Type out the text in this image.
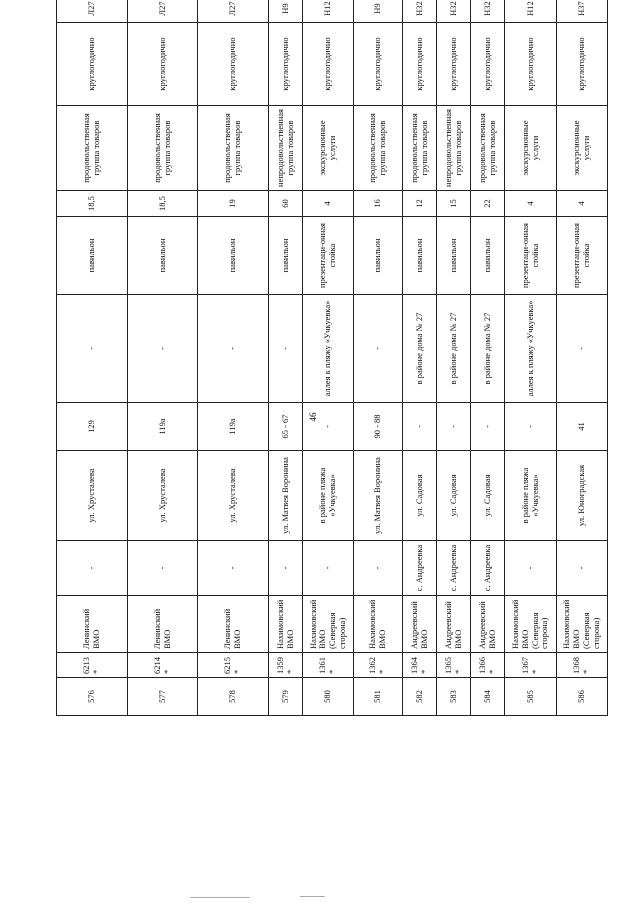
46
576	6213*	Ленинский ВМО	-	ул. Хрусталева	129	-	павильон	18,5	продовольственная группа товаров	круглогодично	Л27	
577	6214*	Ленинский ВМО	-	ул. Хрусталева	119а	-	павильон	18,5	продовольственная группа товаров	круглогодично	Л27	
578	6215*	Ленинский ВМО	-	ул. Хрусталева	119а	-	павильон	19	продовольственная группа товаров	круглогодично	Л27	
579	1359*	Нахимовский ВМО	-	ул. Матвея Воронина	65 - 67	-	павильон	60	непродовольственная группа товаров	круглогодично	Н9	
580	1361*	Нахимовский ВМО (Северная сторона)	-	в районе пляжа «Учкуевка»	-	аллея к пляжу «Учкуевка»	презентаци-онная стойка	4	экскурсионные услуги	круглогодично	Н12	
581	1362*	Нахимовский ВМО	-	ул. Матвея Воронина	90 - 88	-	павильон	16	продовольственная группа товаров	круглогодично	Н9	
582	1364*	Андреевский ВМО	с. Андреевка	ул. Садовая	-	в районе дома № 27	павильон	12	продовольственная группа товаров	круглогодично	Н32	
583	1365*	Андреевский ВМО	с. Андреевка	ул. Садовая	-	в районе дома № 27	павильон	15	непродовольственная группа товаров	круглогодично	Н32	
584	1366*	Андреевский ВМО	с. Андреевка	ул. Садовая	-	в районе дома № 27	павильон	22	продовольственная группа товаров	круглогодично	Н32	
585	1367*	Нахимовский ВМО (Северная сторона)	-	в районе пляжа «Учкуевка»	-	аллея к пляжу «Учкуевка»	презентаци-онная стойка	4	экскурсионные услуги	круглогодично	Н12	
586	1368*	Нахимовский ВМО (Северная сторона)	-	ул. Юноградская	41	-	презентаци-онная стойка	4	экскурсионные услуги	круглогодично	Н37	
